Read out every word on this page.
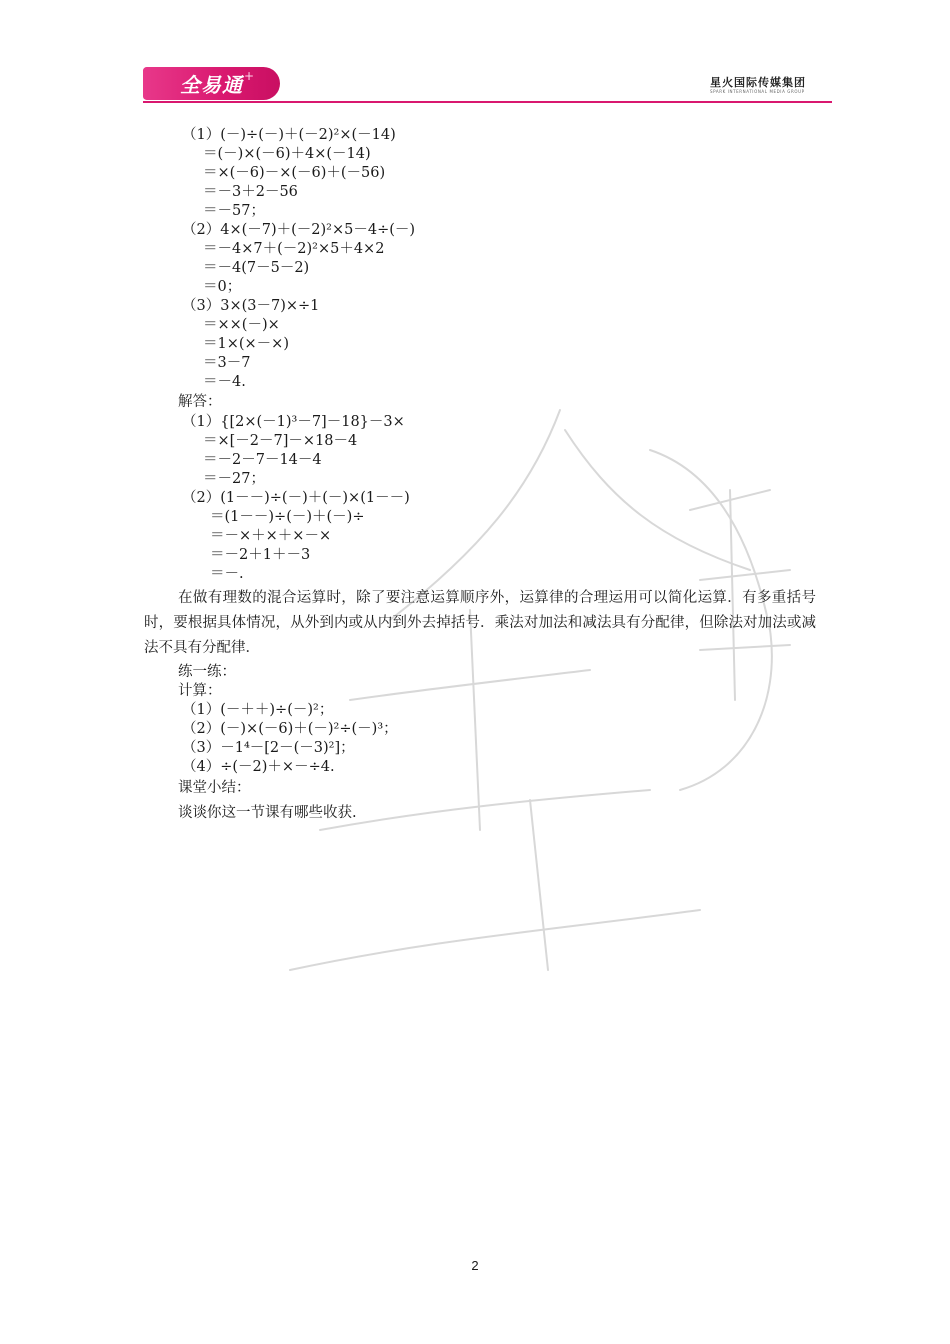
全易通 +	星火国际传媒集团
SPARK INTERNATIONAL MEDIA GROUP
（1）(－)÷(－)＋(－2)²×(－14)
＝(－)×(－6)＋4×(－14)
＝×(－6)－×(－6)＋(－56)
＝－3＋2－56
＝－57；
（2）4×(－7)＋(－2)²×5－4÷(－)
＝－4×7＋(－2)²×5＋4×2
＝－4(7－5－2)
＝0；
（3）3×(3－7)×÷1
＝××(－)×
＝1×(×－×)
＝3－7
＝－4.
解答：
（1）{[2×(－1)³－7]－18}－3×
＝×[－2－7]－×18－4
＝－2－7－14－4
＝－27；
（2）(1－－)÷(－)＋(－)×(1－－)
＝(1－－)÷(－)＋(－)÷
＝－×＋×＋×－×
＝－2＋1＋－3
＝－.
在做有理数的混合运算时，除了要注意运算顺序外，运算律的合理运用可以简化运算．有多重括号时，要根据具体情况，从外到内或从内到外去掉括号．乘法对加法和减法具有分配律，但除法对加法或减法不具有分配律．
练一练：
计算：
（1）(－＋＋)÷(－)²；
（2）(－)×(－6)＋(－)²÷(－)³；
（3）－1⁴－[2－(－3)²]；
（4）÷(－2)＋×－÷4.
课堂小结：
谈谈你这一节课有哪些收获.
2
